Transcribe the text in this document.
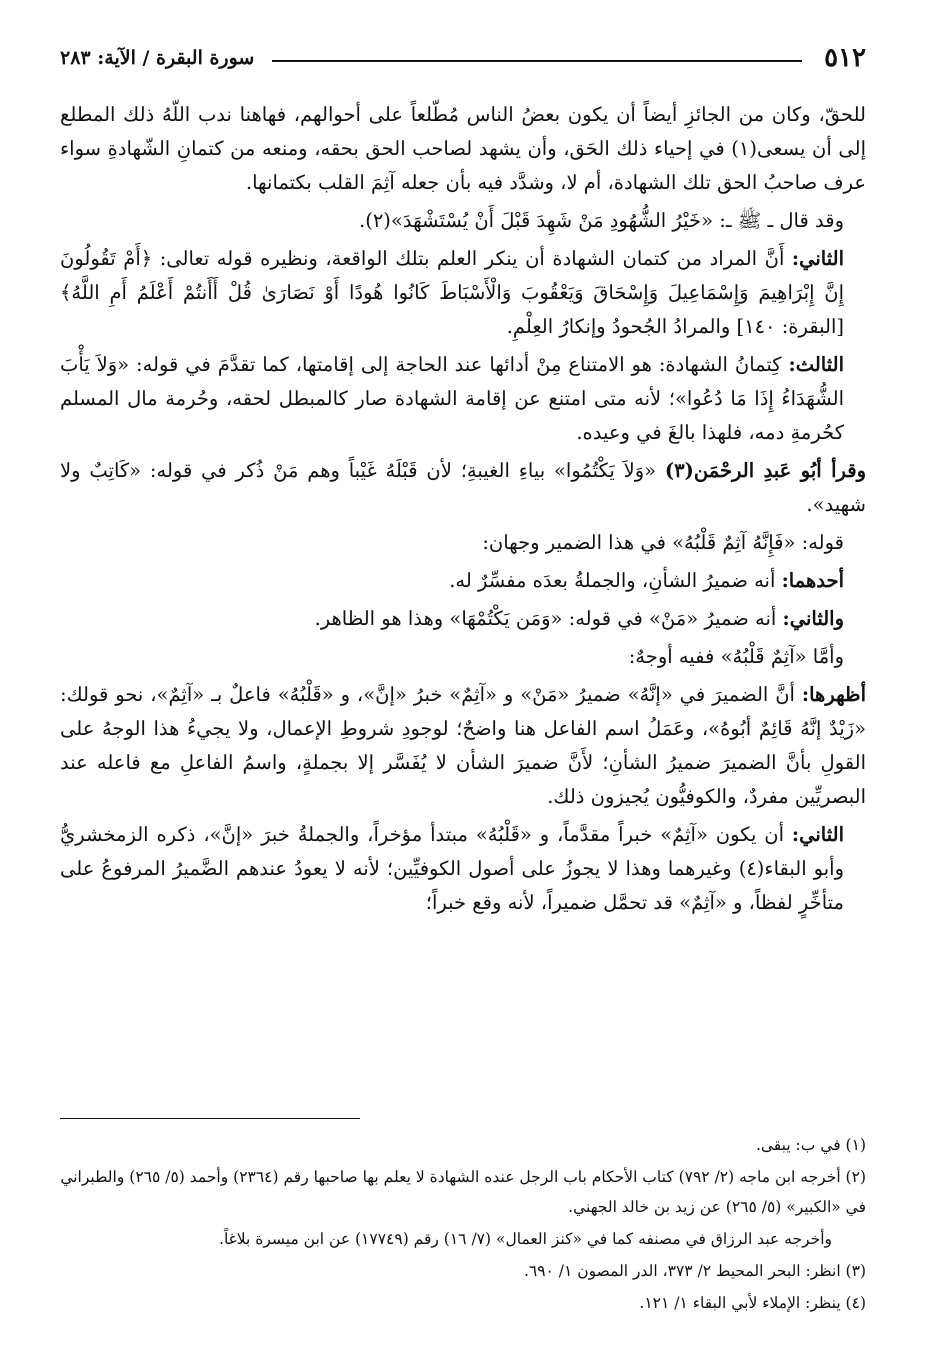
٥١٢
سورة البقرة / الآية: ٢٨٣

للحقّ، وكان من الجائزِ أيضاً أن يكون بعضُ الناس مُطّلعاً على أحوالهم، فهاهنا ندب اللّهُ ذلك المطلع إلى أن يسعى(١) في إحياء ذلك الحَق، وأن يشهد لصاحب الحق بحقه، ومنعه من كتمانِ الشّهادةِ سواء عرف صاحبُ الحق تلك الشهادة، أم لا، وشدَّد فيه بأن جعله آثِمَ القلب بكتمانها.

وقد قال ـ ﷺ ـ: «خَيْرُ الشُّهُودِ مَنْ شَهِدَ قَبْلَ أَنْ يُسْتَشْهَدَ»(٢).

الثاني: أَنَّ المراد من كتمان الشهادة أن ينكر العلم بتلك الواقعة، ونظيره قوله تعالى: ﴿أَمْ تَقُولُونَ إِنَّ إِبْرَاهِيمَ وَإِسْمَاعِيلَ وَإِسْحَاقَ وَيَعْقُوبَ وَالْأَسْبَاطَ كَانُوا هُودًا أَوْ نَصَارَىٰ قُلْ أَأَنتُمْ أَعْلَمُ أَمِ اللَّهُ﴾ [البقرة: ١٤٠] والمرادُ الجُحودُ وإنكارُ العِلْمِ.

الثالث: كِتمانُ الشهادة: هو الامتناع مِنْ أدائها عند الحاجة إلى إقامتها، كما تقدَّمَ في قوله: «وَلاَ يَأْبَ الشُّهَدَاءُ إِذَا مَا دُعُوا»؛ لأنه متى امتنع عن إقامة الشهادة صار كالمبطل لحقه، وحُرمة مال المسلم كحُرمةِ دمه، فلهذا بالغَ في وعيده.

وقرأ أبُو عَبدِ الرحْمَن(٣) «وَلاَ يَكْتُمُوا» بياءِ الغيبةِ؛ لأن قَبْلَهُ غَيْباً وهم مَنْ ذُكر في قوله: «كَاتِبٌ ولا شهيد».

قوله: «فَإِنَّهُ آثِمٌ قَلْبُهُ» في هذا الضمير وجهان:

أحدهما: أنه ضميرُ الشأنِ، والجملةُ بعدَه مفسِّرٌ له.

والثاني: أنه ضميرُ «مَنْ» في قوله: «وَمَن يَكْتُمْهَا» وهذا هو الظاهر.

وأمَّا «آثِمٌ قَلْبُهُ» ففيه أوجهٌ:

أظهرها: أنَّ الضميرَ في «إنَّهُ» ضميرُ «مَنْ» و «آثِمٌ» خبرُ «إنَّ»، و «قَلْبُهُ» فاعلٌ بـ «آثِمٌ»، نحو قولك: «زَيْدٌ إنَّهُ قَائِمٌ أبُوهُ»، وعَمَلُ اسم الفاعل هنا واضحٌ؛ لوجودِ شروطِ الإعمال، ولا يجيءُ هذا الوجهُ على القولِ بأنَّ الضميرَ ضميرُ الشأنِ؛ لأَنَّ ضميرَ الشأن لا يُفَسَّر إلا بجملةٍ، واسمُ الفاعلِ مع فاعله عند البصريِّين مفردٌ، والكوفيُّون يُجيزون ذلك.

الثاني: أن يكون «آثِمٌ» خبراً مقدَّماً، و «قَلْبُهُ» مبتدأ مؤخراً، والجملةُ خبرَ «إنَّ»، ذكره الزمخشريُّ وأبو البقاء(٤) وغيرهما وهذا لا يجوزُ على أصول الكوفيِّين؛ لأنه لا يعودُ عندهم الضَّميرُ المرفوعُ على متأخِّرٍ لفظاً، و «آثِمٌ» قد تحمَّل ضميراً، لأنه وقع خبراً؛

(١) في ب: يبقى.

(٢) أخرجه ابن ماجه (٢/ ٧٩٢) كتاب الأحكام باب الرجل عنده الشهادة لا يعلم بها صاحبها رقم (٢٣٦٤) وأحمد (٥/ ٢٦٥) والطبراني في «الكبير» (٥/ ٢٦٥) عن زيد بن خالد الجهني.

وأخرجه عبد الرزاق في مصنفه كما في «كنز العمال» (٧/ ١٦) رقم (١٧٧٤٩) عن ابن ميسرة بلاغاً.

(٣) انظر: البحر المحيط ٢/ ٣٧٣، الدر المصون ١/ ٦٩٠.

(٤) ينظر: الإملاء لأبي البقاء ١/ ١٢١.
